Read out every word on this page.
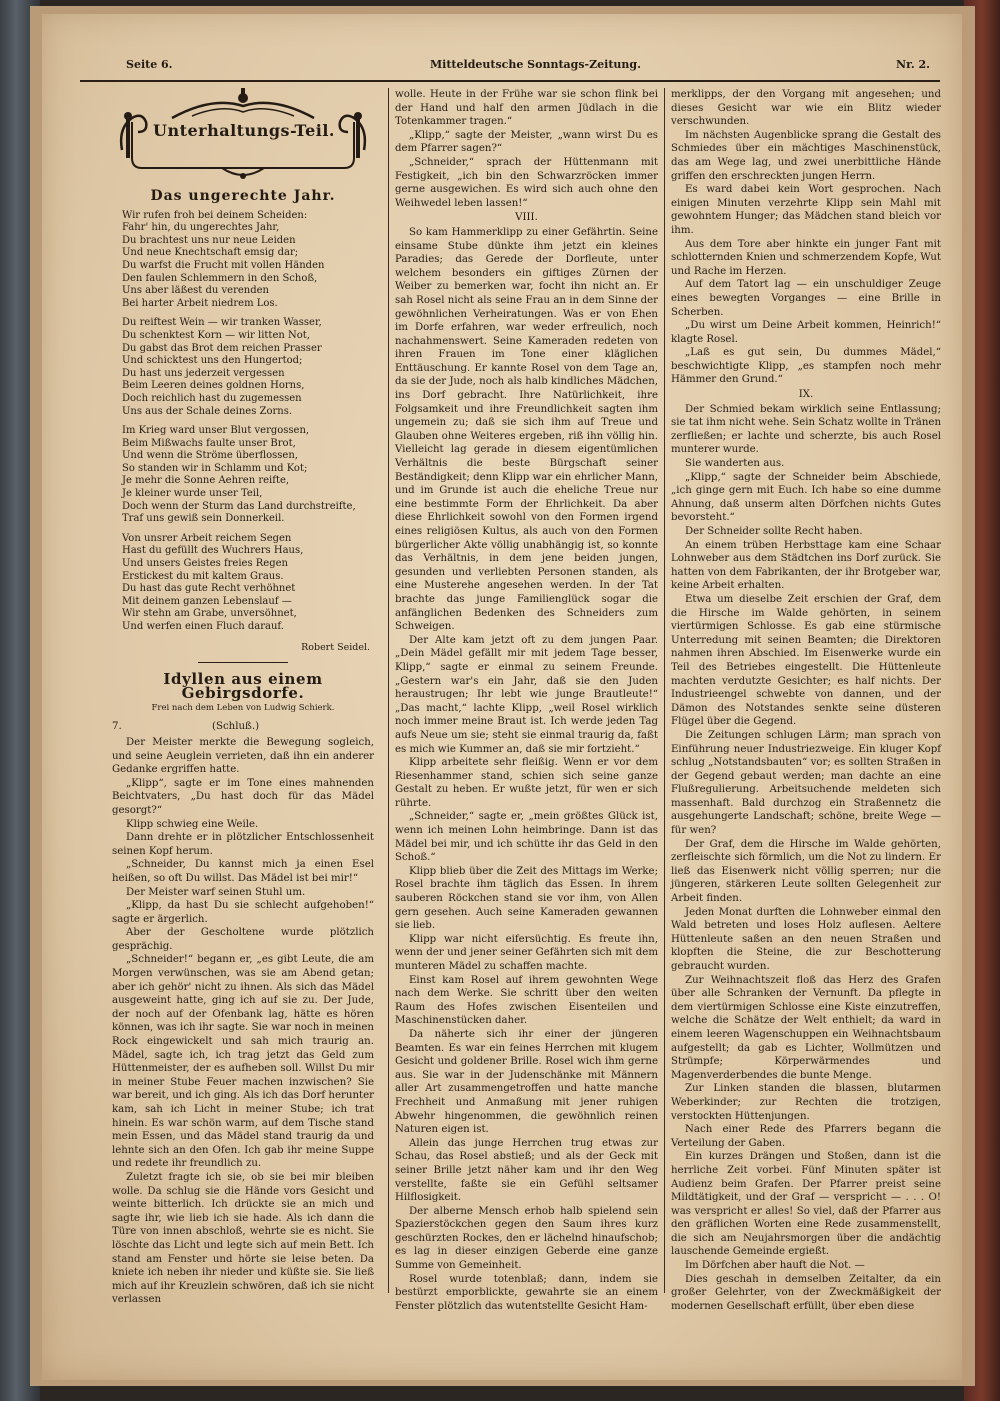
Seite 6.	Mitteldeutsche Sonntags-Zeitung.	Nr. 2.
Unterhaltungs-Teil.
Das ungerechte Jahr.
Wir rufen froh bei deinem Scheiden:
Fahr' hin, du ungerechtes Jahr,
Du brachtest uns nur neue Leiden
Und neue Knechtschaft emsig dar;
Du warfst die Frucht mit vollen Händen
Den faulen Schlemmern in den Schoß,
Uns aber läßest du verenden
Bei harter Arbeit niedrem Los.
Du reiftest Wein — wir tranken Wasser,
Du schenktest Korn — wir litten Not,
Du gabst das Brot dem reichen Prasser
Und schicktest uns den Hungertod;
Du hast uns jederzeit vergessen
Beim Leeren deines goldnen Horns,
Doch reichlich hast du zugemessen
Uns aus der Schale deines Zorns.
Im Krieg ward unser Blut vergossen,
Beim Mißwachs faulte unser Brot,
Und wenn die Ströme überflossen,
So standen wir in Schlamm und Kot;
Je mehr die Sonne Aehren reifte,
Je kleiner wurde unser Teil,
Doch wenn der Sturm das Land durchstreifte,
Traf uns gewiß sein Donnerkeil.
Von unsrer Arbeit reichem Segen
Hast du gefüllt des Wuchrers Haus,
Und unsers Geistes freies Regen
Erstickest du mit kaltem Graus.
Du hast das gute Recht verhöhnet
Mit deinem ganzen Lebenslauf —
Wir stehn am Grabe, unversöhnet,
Und werfen einen Fluch darauf.
Robert Seidel.
Idyllen aus einem Gebirgsdorfe.
Frei nach dem Leben von Ludwig Schierk.
7.	(Schluß.)

Der Meister merkte die Bewegung sogleich, und seine Aeuglein verrieten, daß ihn ein anderer Gedanke ergriffen hatte.

„Klipp“, sagte er im Tone eines mahnenden Beichtvaters, „Du hast doch für das Mädel gesorgt?“

Klipp schwieg eine Weile.

Dann drehte er in plötzlicher Entschlossenheit seinen Kopf herum.

„Schneider, Du kannst mich ja einen Esel heißen, so oft Du willst. Das Mädel ist bei mir!“

Der Meister warf seinen Stuhl um.

„Klipp, da hast Du sie schlecht aufgehoben!“ sagte er ärgerlich.

Aber der Gescholtene wurde plötzlich gesprächig.

„Schneider!“ begann er, „es gibt Leute, die am Morgen verwünschen, was sie am Abend getan; aber ich gehör' nicht zu ihnen. Als sich das Mädel ausgeweint hatte, ging ich auf sie zu. Der Jude, der noch auf der Ofenbank lag, hätte es hören können, was ich ihr sagte. Sie war noch in meinen Rock eingewickelt und sah mich traurig an. Mädel, sagte ich, ich trag jetzt das Geld zum Hüttenmeister, der es aufheben soll. Willst Du mir in meiner Stube Feuer machen inzwischen? Sie war bereit, und ich ging. Als ich das Dorf herunter kam, sah ich Licht in meiner Stube; ich trat hinein. Es war schön warm, auf dem Tische stand mein Essen, und das Mädel stand traurig da und lehnte sich an den Ofen. Ich gab ihr meine Suppe und redete ihr freundlich zu.

Zuletzt fragte ich sie, ob sie bei mir bleiben wolle. Da schlug sie die Hände vors Gesicht und weinte bitterlich. Ich drückte sie an mich und sagte ihr, wie lieb ich sie hade. Als ich dann die Türe von innen abschloß, wehrte sie es nicht. Sie löschte das Licht und legte sich auf mein Bett. Ich stand am Fenster und hörte sie leise beten. Da kniete ich neben ihr nieder und küßte sie. Sie ließ mich auf ihr Kreuzlein schwören, daß ich sie nicht verlassen

wolle. Heute in der Frühe war sie schon flink bei der Hand und half den armen Jüdlach in die Totenkammer tragen.“

„Klipp,“ sagte der Meister, „wann wirst Du es dem Pfarrer sagen?“

„Schneider,“ sprach der Hüttenmann mit Festigkeit, „ich bin den Schwarzröcken immer gerne ausgewichen. Es wird sich auch ohne den Weihwedel leben lassen!“

VIII.

So kam Hammerklipp zu einer Gefährtin. Seine einsame Stube dünkte ihm jetzt ein kleines Paradies; das Gerede der Dorfleute, unter welchem besonders ein giftiges Zürnen der Weiber zu bemerken war, focht ihn nicht an. Er sah Rosel nicht als seine Frau an in dem Sinne der gewöhnlichen Verheiratungen. Was er von Ehen im Dorfe erfahren, war weder erfreulich, noch nachahmenswert. Seine Kameraden redeten von ihren Frauen im Tone einer kläglichen Enttäuschung. Er kannte Rosel von dem Tage an, da sie der Jude, noch als halb kindliches Mädchen, ins Dorf gebracht. Ihre Natürlichkeit, ihre Folgsamkeit und ihre Freundlichkeit sagten ihm ungemein zu; daß sie sich ihm auf Treue und Glauben ohne Weiteres ergeben, riß ihn völlig hin. Vielleicht lag gerade in diesem eigentümlichen Verhältnis die beste Bürgschaft seiner Beständigkeit; denn Klipp war ein ehrlicher Mann, und im Grunde ist auch die eheliche Treue nur eine bestimmte Form der Ehrlichkeit. Da aber diese Ehrlichkeit sowohl von den Formen irgend eines religiösen Kultus, als auch von den Formen bürgerlicher Akte völlig unabhängig ist, so konnte das Verhältnis, in dem jene beiden jungen, gesunden und verliebten Personen standen, als eine Musterehe angesehen werden. In der Tat brachte das junge Familienglück sogar die anfänglichen Bedenken des Schneiders zum Schweigen.

Der Alte kam jetzt oft zu dem jungen Paar. „Dein Mädel gefällt mir mit jedem Tage besser, Klipp,“ sagte er einmal zu seinem Freunde. „Gestern war's ein Jahr, daß sie den Juden heraustrugen; Ihr lebt wie junge Brautleute!“ „Das macht,“ lachte Klipp, „weil Rosel wirklich noch immer meine Braut ist. Ich werde jeden Tag aufs Neue um sie; steht sie einmal traurig da, faßt es mich wie Kummer an, daß sie mir fortzieht.“

Klipp arbeitete sehr fleißig. Wenn er vor dem Riesenhammer stand, schien sich seine ganze Gestalt zu heben. Er wußte jetzt, für wen er sich rührte.

„Schneider,“ sagte er, „mein größtes Glück ist, wenn ich meinen Lohn heimbringe. Dann ist das Mädel bei mir, und ich schütte ihr das Geld in den Schoß.“

Klipp blieb über die Zeit des Mittags im Werke; Rosel brachte ihm täglich das Essen. In ihrem sauberen Röckchen stand sie vor ihm, von Allen gern gesehen. Auch seine Kameraden gewannen sie lieb.

Klipp war nicht eifersüchtig. Es freute ihn, wenn der und jener seiner Gefährten sich mit dem munteren Mädel zu schaffen machte.

Einst kam Rosel auf ihrem gewohnten Wege nach dem Werke. Sie schritt über den weiten Raum des Hofes zwischen Eisenteilen und Maschinenstücken daher.

Da näherte sich ihr einer der jüngeren Beamten. Es war ein feines Herrchen mit klugem Gesicht und goldener Brille. Rosel wich ihm gerne aus. Sie war in der Judenschänke mit Männern aller Art zusammengetroffen und hatte manche Frechheit und Anmaßung mit jener ruhigen Abwehr hingenommen, die gewöhnlich reinen Naturen eigen ist.

Allein das junge Herrchen trug etwas zur Schau, das Rosel abstieß; und als der Geck mit seiner Brille jetzt näher kam und ihr den Weg verstellte, faßte sie ein Gefühl seltsamer Hilflosigkeit.

Der alberne Mensch erhob halb spielend sein Spazierstöckchen gegen den Saum ihres kurz geschürzten Rockes, den er lächelnd hinaufschob; es lag in dieser einzigen Geberde eine ganze Summe von Gemeinheit.

Rosel wurde totenblaß; dann, indem sie bestürzt emporblickte, gewahrte sie an einem Fenster plötzlich das wutentstellte Gesicht Ham-

merklipps, der den Vorgang mit angesehen; und dieses Gesicht war wie ein Blitz wieder verschwunden.

Im nächsten Augenblicke sprang die Gestalt des Schmiedes über ein mächtiges Maschinenstück, das am Wege lag, und zwei unerbittliche Hände griffen den erschreckten jungen Herrn.

Es ward dabei kein Wort gesprochen. Nach einigen Minuten verzehrte Klipp sein Mahl mit gewohntem Hunger; das Mädchen stand bleich vor ihm.

Aus dem Tore aber hinkte ein junger Fant mit schlotternden Knien und schmerzendem Kopfe, Wut und Rache im Herzen.

Auf dem Tatort lag — ein unschuldiger Zeuge eines bewegten Vorganges — eine Brille in Scherben.

„Du wirst um Deine Arbeit kommen, Heinrich!“ klagte Rosel.

„Laß es gut sein, Du dummes Mädel,“ beschwichtigte Klipp, „es stampfen noch mehr Hämmer den Grund.“

IX.

Der Schmied bekam wirklich seine Entlassung; sie tat ihm nicht wehe. Sein Schatz wollte in Tränen zerfließen; er lachte und scherzte, bis auch Rosel munterer wurde.

Sie wanderten aus.

„Klipp,“ sagte der Schneider beim Abschiede, „ich ginge gern mit Euch. Ich habe so eine dumme Ahnung, daß unserm alten Dörfchen nichts Gutes bevorsteht.“

Der Schneider sollte Recht haben.

An einem trüben Herbsttage kam eine Schaar Lohnweber aus dem Städtchen ins Dorf zurück. Sie hatten von dem Fabrikanten, der ihr Brotgeber war, keine Arbeit erhalten.

Etwa um dieselbe Zeit erschien der Graf, dem die Hirsche im Walde gehörten, in seinem viertürmigen Schlosse. Es gab eine stürmische Unterredung mit seinen Beamten; die Direktoren nahmen ihren Abschied. Im Eisenwerke wurde ein Teil des Betriebes eingestellt. Die Hüttenleute machten verdutzte Gesichter; es half nichts. Der Industrieengel schwebte von dannen, und der Dämon des Notstandes senkte seine düsteren Flügel über die Gegend.

Die Zeitungen schlugen Lärm; man sprach von Einführung neuer Industriezweige. Ein kluger Kopf schlug „Notstandsbauten“ vor; es sollten Straßen in der Gegend gebaut werden; man dachte an eine Flußregulierung. Arbeitsuchende meldeten sich massenhaft. Bald durchzog ein Straßennetz die ausgehungerte Landschaft; schöne, breite Wege — für wen?

Der Graf, dem die Hirsche im Walde gehörten, zerfleischte sich förmlich, um die Not zu lindern. Er ließ das Eisenwerk nicht völlig sperren; nur die jüngeren, stärkeren Leute sollten Gelegenheit zur Arbeit finden.

Jeden Monat durften die Lohnweber einmal den Wald betreten und loses Holz auflesen. Aeltere Hüttenleute saßen an den neuen Straßen und klopften die Steine, die zur Beschotterung gebraucht wurden.

Zur Weihnachtszeit floß das Herz des Grafen über alle Schranken der Vernunft. Da pflegte in dem viertürmigen Schlosse eine Kiste einzutreffen, welche die Schätze der Welt enthielt; da ward in einem leeren Wagenschuppen ein Weihnachtsbaum aufgestellt; da gab es Lichter, Wollmützen und Strümpfe; Körperwärmendes und Magenverderbendes die bunte Menge.

Zur Linken standen die blassen, blutarmen Weberkinder; zur Rechten die trotzigen, verstockten Hüttenjungen.

Nach einer Rede des Pfarrers begann die Verteilung der Gaben.

Ein kurzes Drängen und Stoßen, dann ist die herrliche Zeit vorbei. Fünf Minuten später ist Audienz beim Grafen. Der Pfarrer preist seine Mildtätigkeit, und der Graf — verspricht — . . . O! was verspricht er alles! So viel, daß der Pfarrer aus den gräflichen Worten eine Rede zusammenstellt, die sich am Neujahrsmorgen über die andächtig lauschende Gemeinde ergießt.

Im Dörfchen aber hauft die Not. —

Dies geschah in demselben Zeitalter, da ein großer Gelehrter, von der Zweckmäßigkeit der modernen Gesellschaft erfüllt, über eben diese
